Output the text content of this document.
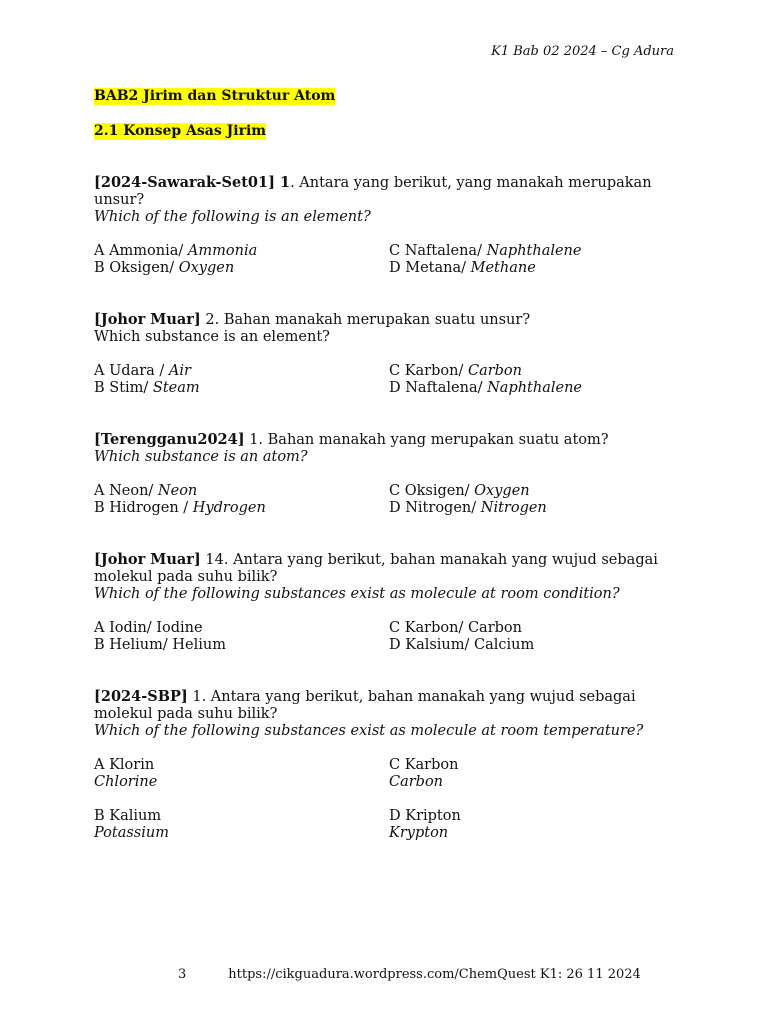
K1 Bab 02 2024 – Cg Adura
BAB2 Jirim dan Struktur Atom
2.1 Konsep Asas Jirim
[2024-Sawarak-Set01] 1. Antara yang berikut, yang manakah merupakan unsur?
Which of the following is an element?
A Ammonia/ Ammonia
B Oksigen/ Oxygen
C Naftalena/ Naphthalene
D Metana/ Methane
[Johor Muar] 2. Bahan manakah merupakan suatu unsur?
Which substance is an element?
A Udara / Air
B Stim/ Steam
C Karbon/ Carbon
D Naftalena/ Naphthalene
[Terengganu2024] 1. Bahan manakah yang merupakan suatu atom?
Which substance is an atom?
A Neon/ Neon
B Hidrogen / Hydrogen
C Oksigen/ Oxygen
D Nitrogen/ Nitrogen
[Johor Muar] 14. Antara yang berikut, bahan manakah yang wujud sebagai molekul pada suhu bilik?
Which of the following substances exist as molecule at room condition?
A Iodin/ Iodine
B Helium/ Helium
C Karbon/ Carbon
D Kalsium/ Calcium
[2024-SBP] 1. Antara yang berikut, bahan manakah yang wujud sebagai molekul pada suhu bilik?
Which of the following substances exist as molecule at room temperature?
A Klorin
Chlorine
B Kalium
Potassium
C Karbon
Carbon
D Kripton
Krypton
3	https://cikguadura.wordpress.com/ChemQuest K1: 26 11 2024
